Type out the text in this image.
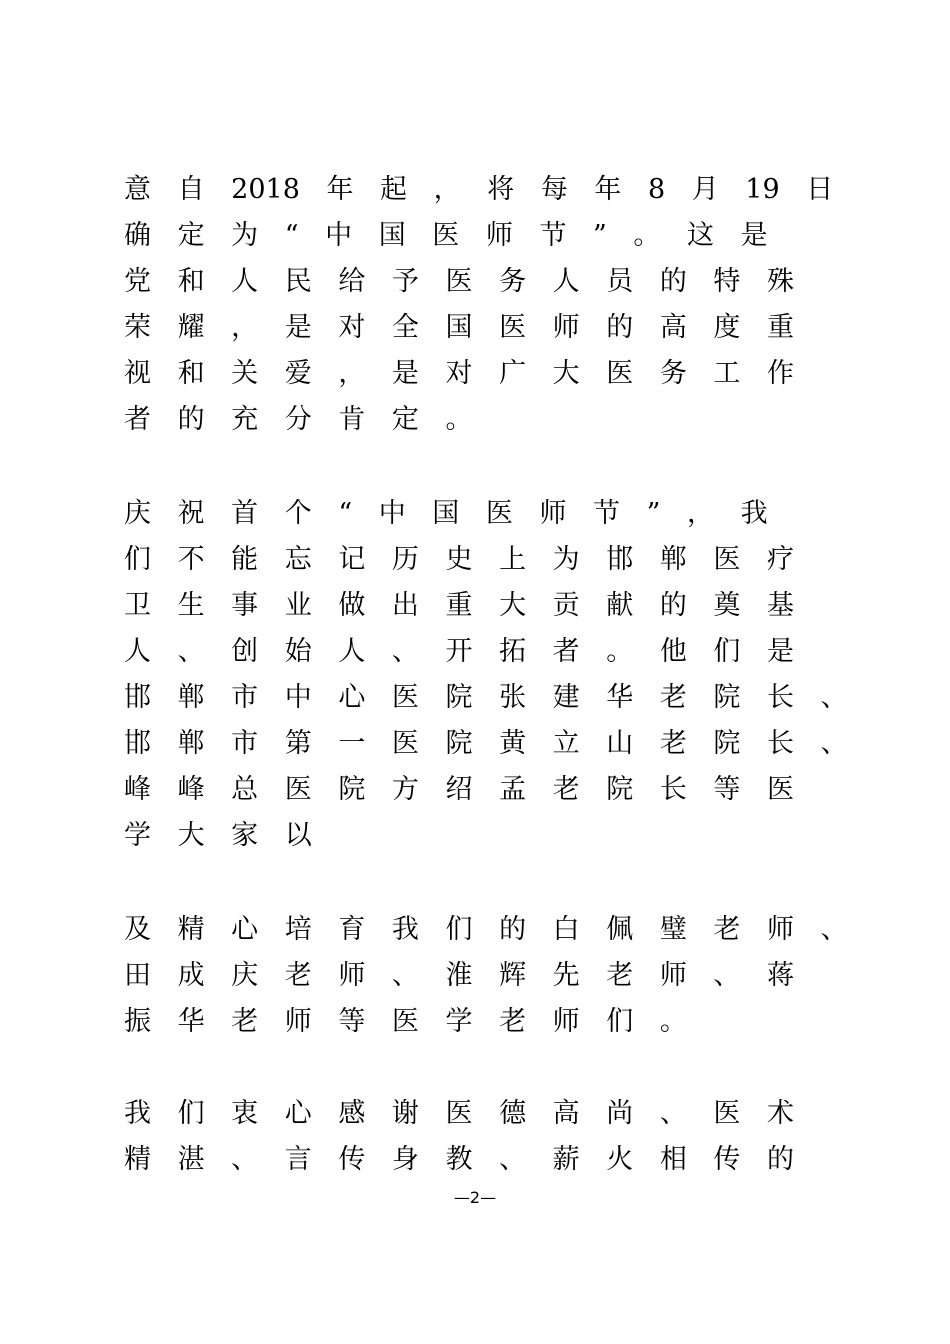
意 自 2018 年 起 ， 将 每 年 8 月 19 日
确 定 为 “ 中 国 医 师 节 ” 。 这 是
党 和 人 民 给 予 医 务 人 员 的 特 殊
荣 耀 ， 是 对 全 国 医 师 的 高 度 重
视 和 关 爱 ， 是 对 广 大 医 务 工 作
者 的 充 分 肯 定 。
庆 祝 首 个 “ 中 国 医 师 节 ” ， 我
们 不 能 忘 记 历 史 上 为 邯 郸 医 疗
卫 生 事 业 做 出 重 大 贡 献 的 奠 基
人 、 创 始 人 、 开 拓 者 。 他 们 是
邯 郸 市 中 心 医 院 张 建 华 老 院 长 、
邯 郸 市 第 一 医 院 黄 立 山 老 院 长 、
峰 峰 总 医 院 方 绍 孟 老 院 长 等 医
学 大 家 以
及 精 心 培 育 我 们 的 白 佩 璧 老 师 、
田 成 庆 老 师 、 淮 辉 先 老 师 、 蒋
振 华 老 师 等 医 学 老 师 们 。
我 们 衷 心 感 谢 医 德 高 尚 、 医 术
精 湛 、 言 传 身 教 、 薪 火 相 传 的
—2—
